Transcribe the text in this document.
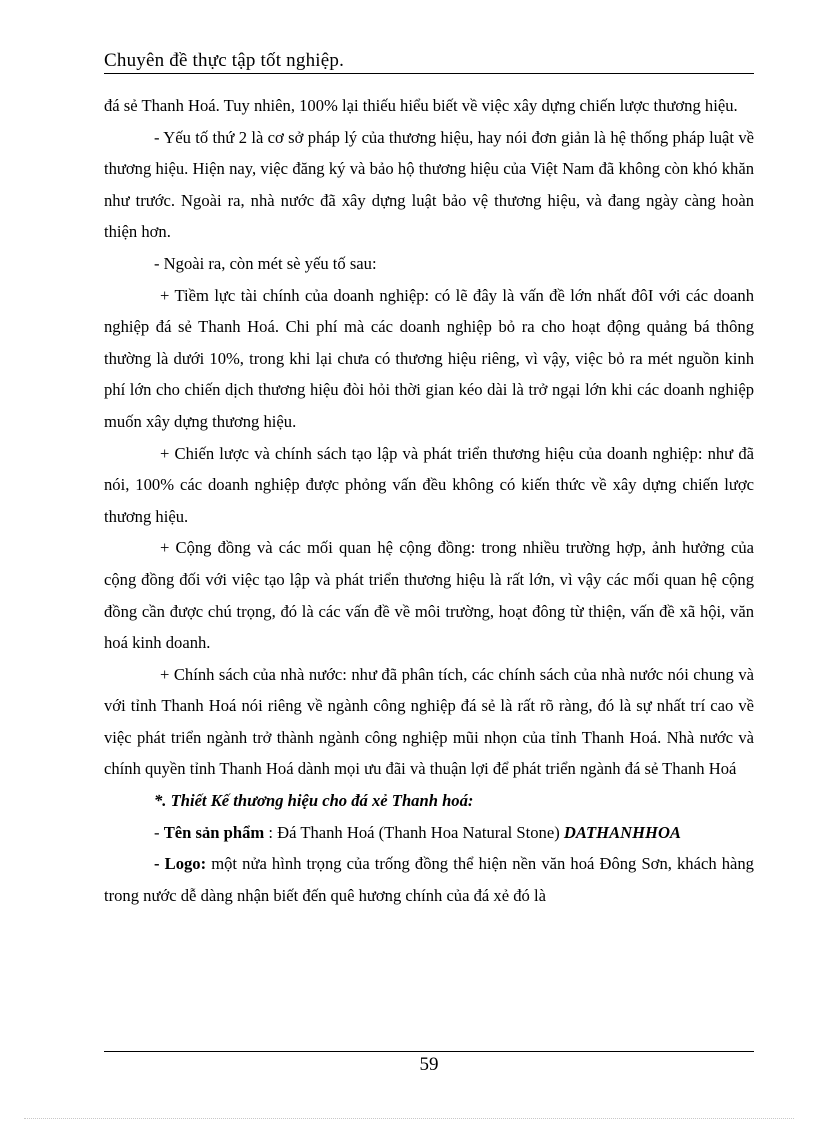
Chuyên đề thực tập tốt nghiệp.

đá sẻ Thanh Hoá. Tuy nhiên, 100% lại thiếu hiểu biết về việc xây dựng chiến lược thương hiệu.

- Yếu tố thứ 2 là cơ sở pháp lý của thương hiệu, hay nói đơn giản là hệ thống pháp luật về thương hiệu. Hiện nay, việc đăng ký và bảo hộ thương hiệu của Việt Nam đã không còn khó khăn như trước. Ngoài ra, nhà nước đã xây dựng luật bảo vệ thương hiệu, và đang ngày càng hoàn thiện hơn.

- Ngoài ra, còn mét sè yếu tố sau:

+ Tiềm lực tài chính của doanh nghiệp: có lẽ đây là vấn đề lớn nhất đôI với các doanh nghiệp đá sẻ Thanh Hoá. Chi phí mà các doanh nghiệp bỏ ra cho hoạt động quảng bá thông thường là dưới 10%, trong khi lại chưa có thương hiệu riêng, vì vậy, việc bỏ ra mét nguồn kinh phí lớn cho chiến dịch thương hiệu đòi hỏi thời gian kéo dài là trở ngại lớn khi các doanh nghiệp muốn xây dựng thương hiệu.

+ Chiến lược và chính sách tạo lập và phát triển thương hiệu của doanh nghiệp: như đã nói, 100% các doanh nghiệp được phỏng vấn đều không có kiến thức về xây dựng chiến lược thương hiệu.

+ Cộng đồng và các mối quan hệ cộng đồng: trong nhiều trường hợp, ảnh hưởng của cộng đồng đối với việc tạo lập và phát triển thương hiệu là rất lớn, vì vậy các mối quan hệ cộng đồng cần được chú trọng, đó là các vấn đề về môi trường, hoạt đông từ thiện, vấn đề xã hội, văn hoá kinh doanh.

+ Chính sách của nhà nước: như đã phân tích, các chính sách của nhà nước nói chung và với tỉnh Thanh Hoá nói riêng về ngành công nghiệp đá sẻ là rất rõ ràng, đó là sự nhất trí cao về việc phát triển ngành trở thành ngành công nghiệp mũi nhọn của tỉnh Thanh Hoá. Nhà nước và chính quyền tỉnh Thanh Hoá dành mọi ưu đãi và thuận lợi để phát triển ngành đá sẻ Thanh Hoá

*. Thiết Kế thương hiệu cho đá xẻ Thanh hoá:

- Tên sản phẩm : Đá Thanh Hoá (Thanh Hoa Natural Stone) DATHANHHOA

- Logo: một nửa hình trọng của trống đồng thể hiện nền văn hoá Đông Sơn, khách hàng trong nước dễ dàng nhận biết đến quê hương chính của đá xẻ đó là

59
